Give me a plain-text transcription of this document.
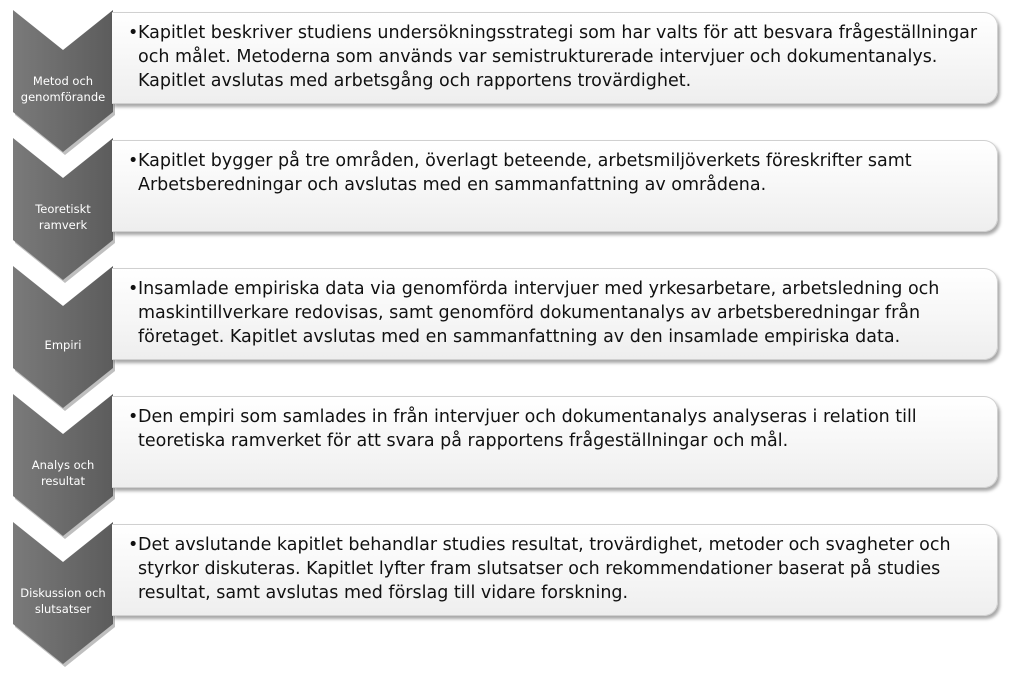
Metod och
genomförande
• Kapitlet beskriver studiens undersökningsstrategi som har valts för att besvara frågeställningar och målet. Metoderna som används var semistrukturerade intervjuer och dokumentanalys. Kapitlet avslutas med arbetsgång och rapportens trovärdighet.
Teoretiskt
ramverk
• Kapitlet bygger på tre områden, överlagt beteende, arbetsmiljöverkets föreskrifter samt Arbetsberedningar och avslutas med en sammanfattning av områdena.
Empiri
• Insamlade empiriska data via genomförda intervjuer med yrkesarbetare, arbetsledning och maskintillverkare redovisas, samt genomförd dokumentanalys av arbetsberedningar från företaget. Kapitlet avslutas med en sammanfattning av den insamlade empiriska data.
Analys och
resultat
• Den empiri som samlades in från intervjuer och dokumentanalys analyseras i relation till teoretiska ramverket för att svara på rapportens frågeställningar och mål.
Diskussion och
slutsatser
• Det avslutande kapitlet behandlar studies resultat, trovärdighet, metoder och svagheter och styrkor diskuteras. Kapitlet lyfter fram slutsatser och rekommendationer baserat på studies resultat, samt avslutas med förslag till vidare forskning.
